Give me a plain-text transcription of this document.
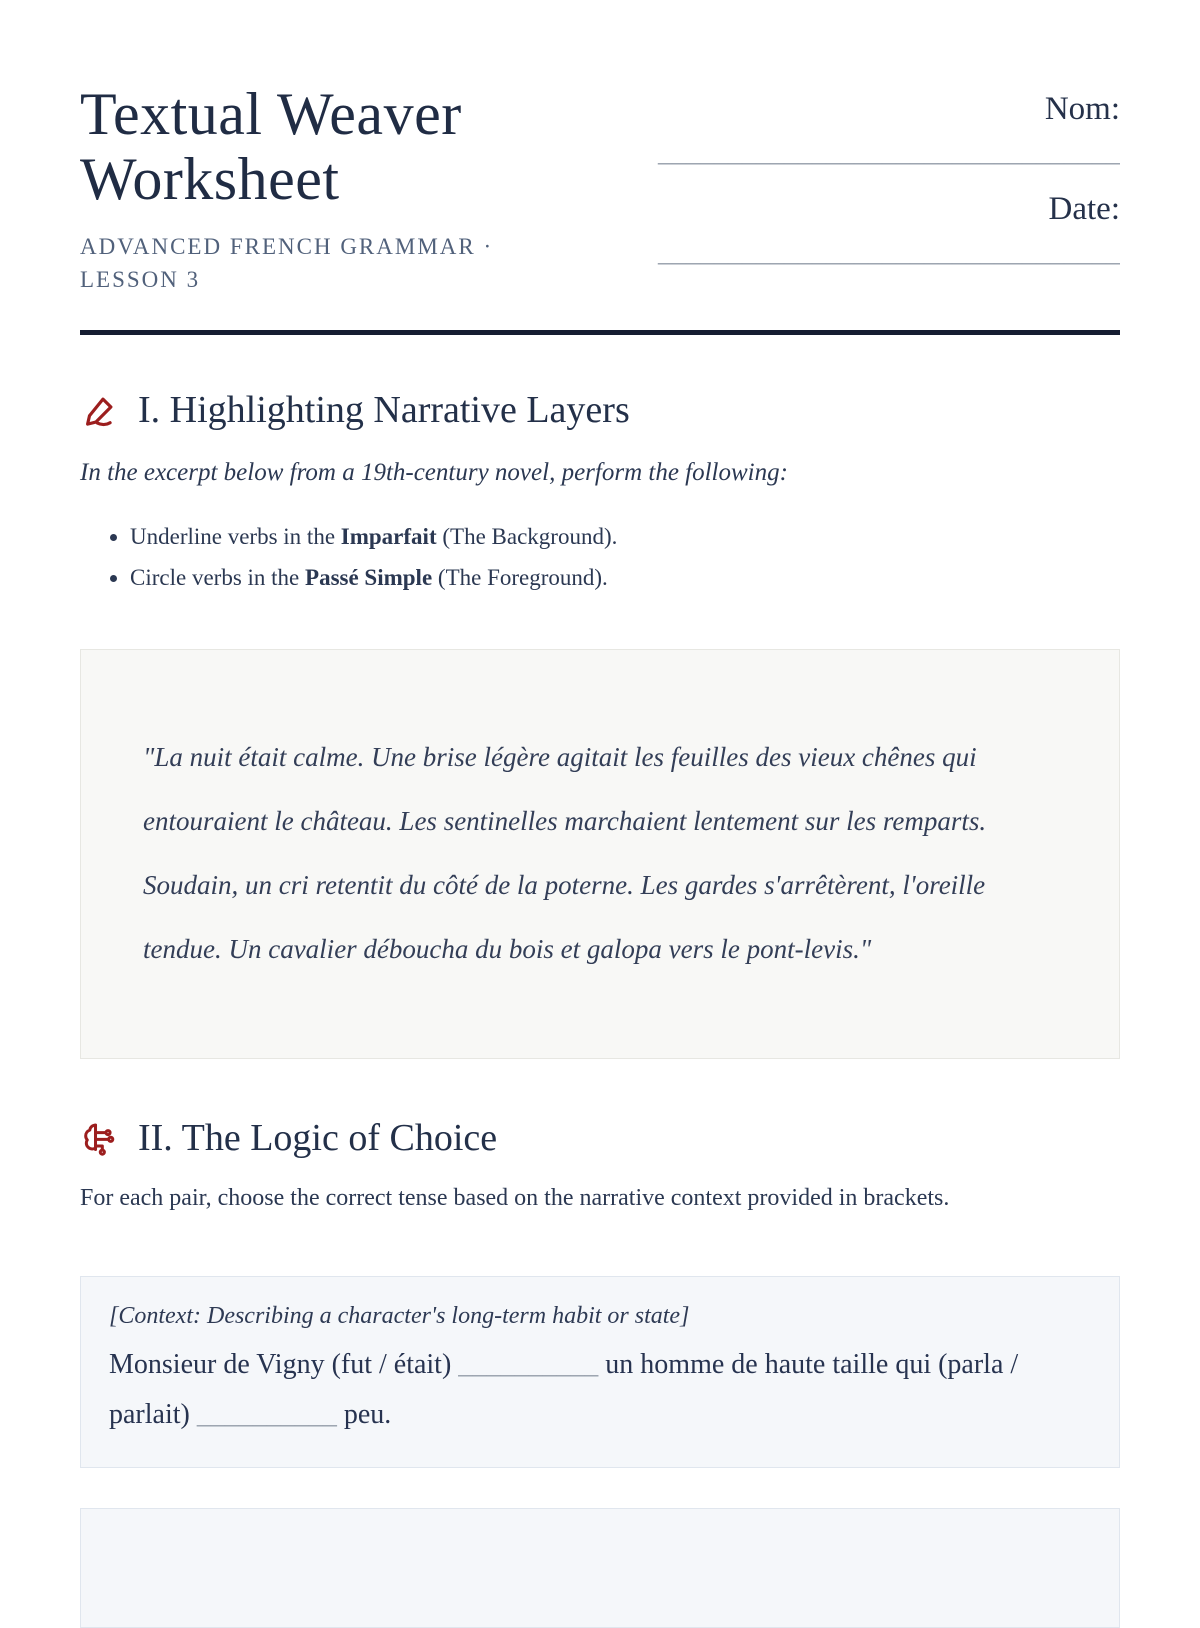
Textual Weaver Worksheet
ADVANCED FRENCH GRAMMAR · LESSON 3
Nom:
_________________________________
Date:
_________________________________
I. Highlighting Narrative Layers

In the excerpt below from a 19th-century novel, perform the following:

• Underline verbs in the Imparfait (The Background).
• Circle verbs in the Passé Simple (The Foreground).

"La nuit était calme. Une brise légère agitait les feuilles des vieux chênes qui entouraient le château. Les sentinelles marchaient lentement sur les remparts. Soudain, un cri retentit du côté de la poterne. Les gardes s'arrêtèrent, l'oreille tendue. Un cavalier déboucha du bois et galopa vers le pont-levis."

II. The Logic of Choice

For each pair, choose the correct tense based on the narrative context provided in brackets.

[Context: Describing a character's long-term habit or state]
Monsieur de Vigny (fut / était) __________ un homme de haute taille qui (parla / parlait) __________ peu.
